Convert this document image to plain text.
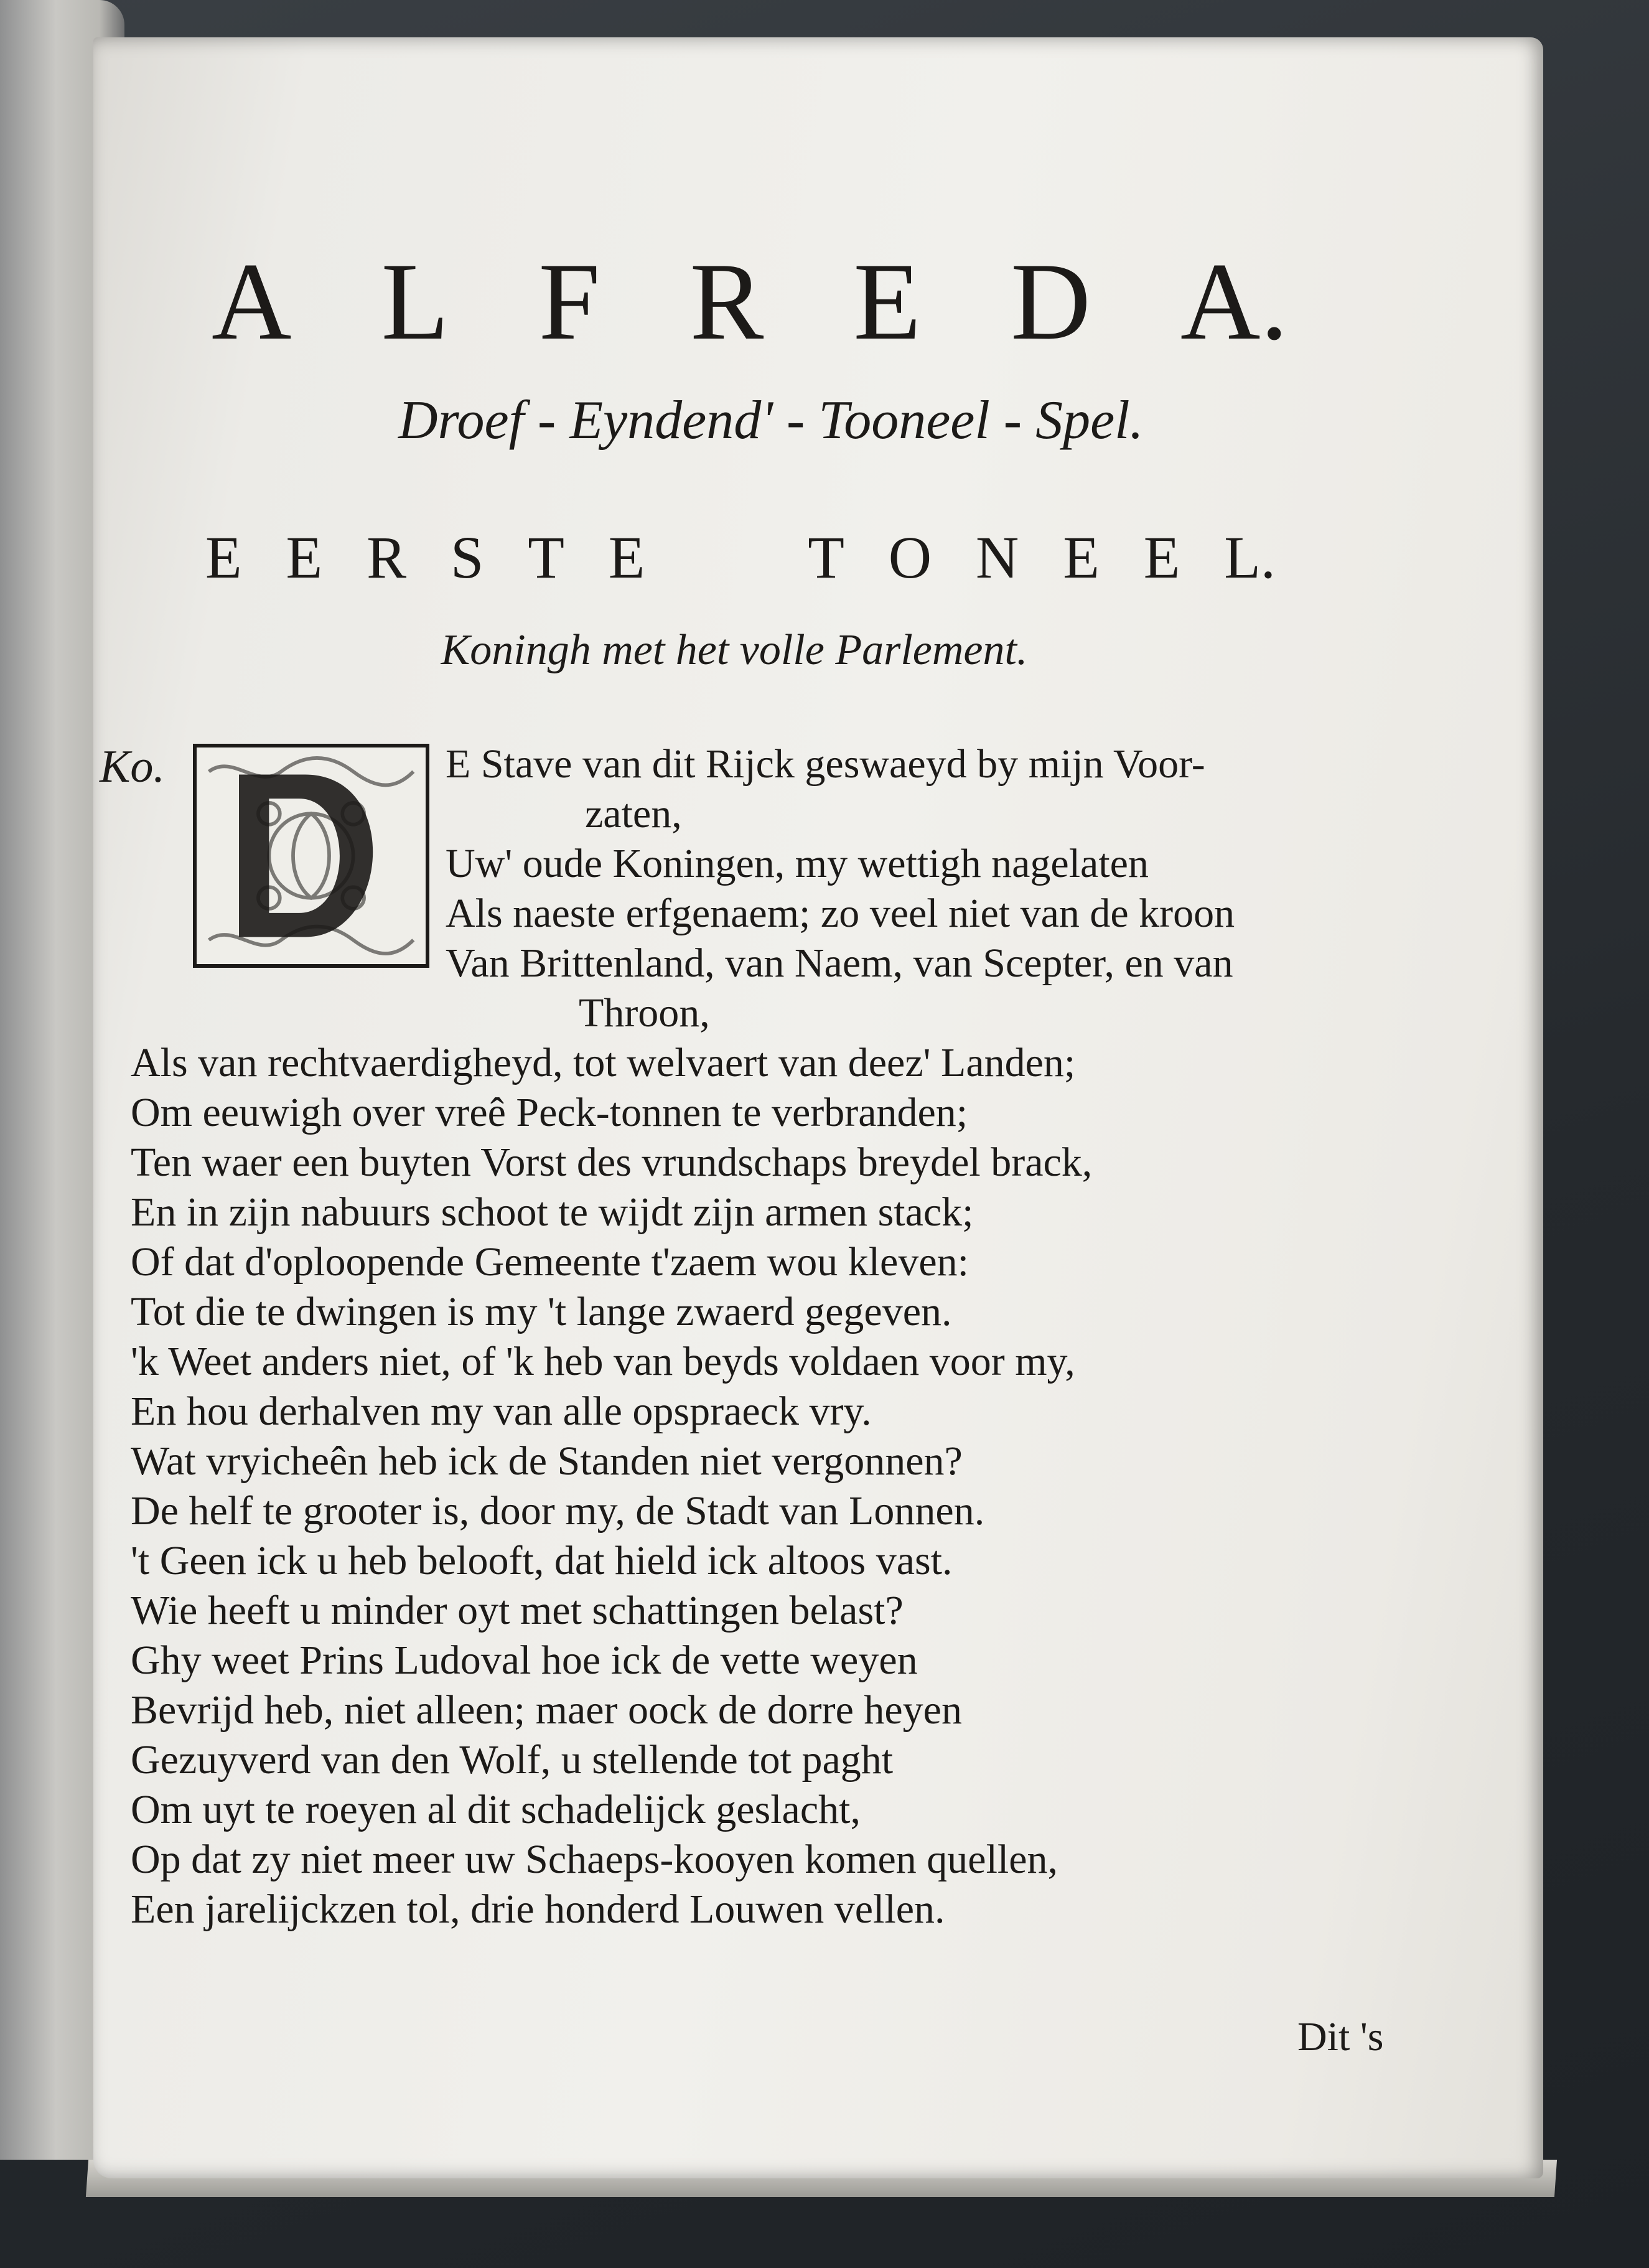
A L F R E D A.
Droef - Eyndend' - Tooneel - Spel.
E E R S T E	T O N E E L.
Koningh met het volle Parlement.
Ko.	E Stave van dit Rijck geswaeyd by mijn Voor-
zaten,
Uw' oude Koningen, my wettigh nagelaten
Als naeste erfgenaem; zo veel niet van de kroon
Van Brittenland, van Naem, van Scepter, en van
Throon,
Als van rechtvaerdigheyd, tot welvaert van deez' Landen;
Om eeuwigh over vreê Peck-tonnen te verbranden;
Ten waer een buyten Vorst des vrundschaps breydel brack,
En in zijn nabuurs schoot te wijdt zijn armen stack;
Of dat d'oploopende Gemeente t'zaem wou kleven:
Tot die te dwingen is my 't lange zwaerd gegeven.
'k Weet anders niet, of 'k heb van beyds voldaen voor my,
En hou derhalven my van alle opspraeck vry.
Wat vryicheên heb ick de Standen niet vergonnen?
De helf te grooter is, door my, de Stadt van Lonnen.
't Geen ick u heb belooft, dat hield ick altoos vast.
Wie heeft u minder oyt met schattingen belast?
Ghy weet Prins Ludoval hoe ick de vette weyen
Bevrijd heb, niet alleen; maer oock de dorre heyen
Gezuyverd van den Wolf, u stellende tot paght
Om uyt te roeyen al dit schadelijck geslacht,
Op dat zy niet meer uw Schaeps-kooyen komen quellen,
Een jarelijckzen tol, drie honderd Louwen vellen.
Dit 's
